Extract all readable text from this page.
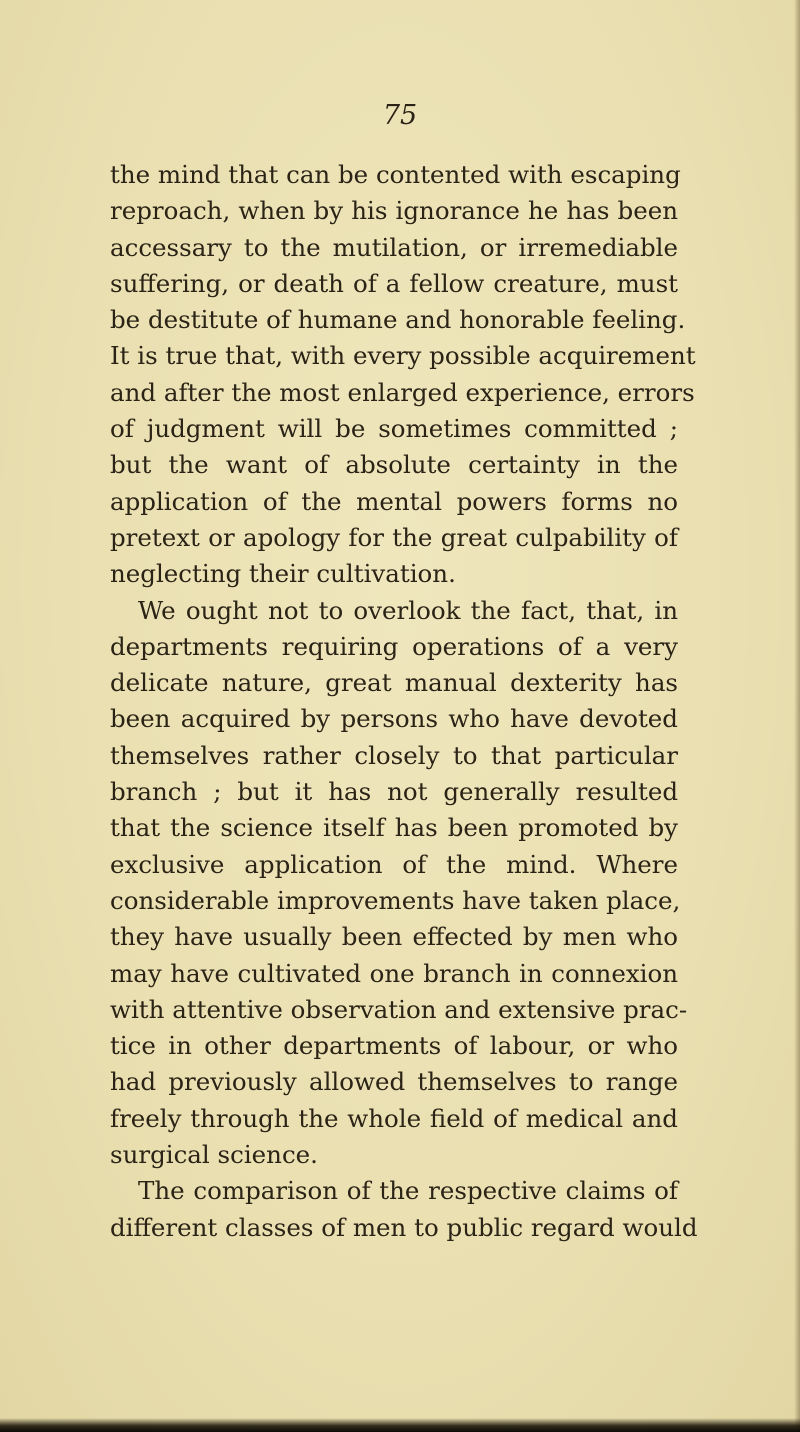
75
the mind that can be contented with escaping
reproach, when by his ignorance he has been
accessary to the mutilation, or irremediable
suffering, or death of a fellow creature, must
be destitute of humane and honorable feeling.
It is true that, with every possible acquirement
and after the most enlarged experience, errors
of judgment will be sometimes committed ;
but the want of absolute certainty in the
application of the mental powers forms no
pretext or apology for the great culpability of
neglecting their cultivation.
We ought not to overlook the fact, that, in
departments requiring operations of a very
delicate nature, great manual dexterity has
been acquired by persons who have devoted
themselves rather closely to that particular
branch ; but it has not generally resulted
that the science itself has been promoted by
exclusive application of the mind. Where
considerable improvements have taken place,
they have usually been effected by men who
may have cultivated one branch in connexion
with attentive observation and extensive prac-
tice in other departments of labour, or who
had previously allowed themselves to range
freely through the whole field of medical and
surgical science.
The comparison of the respective claims of
different classes of men to public regard would
